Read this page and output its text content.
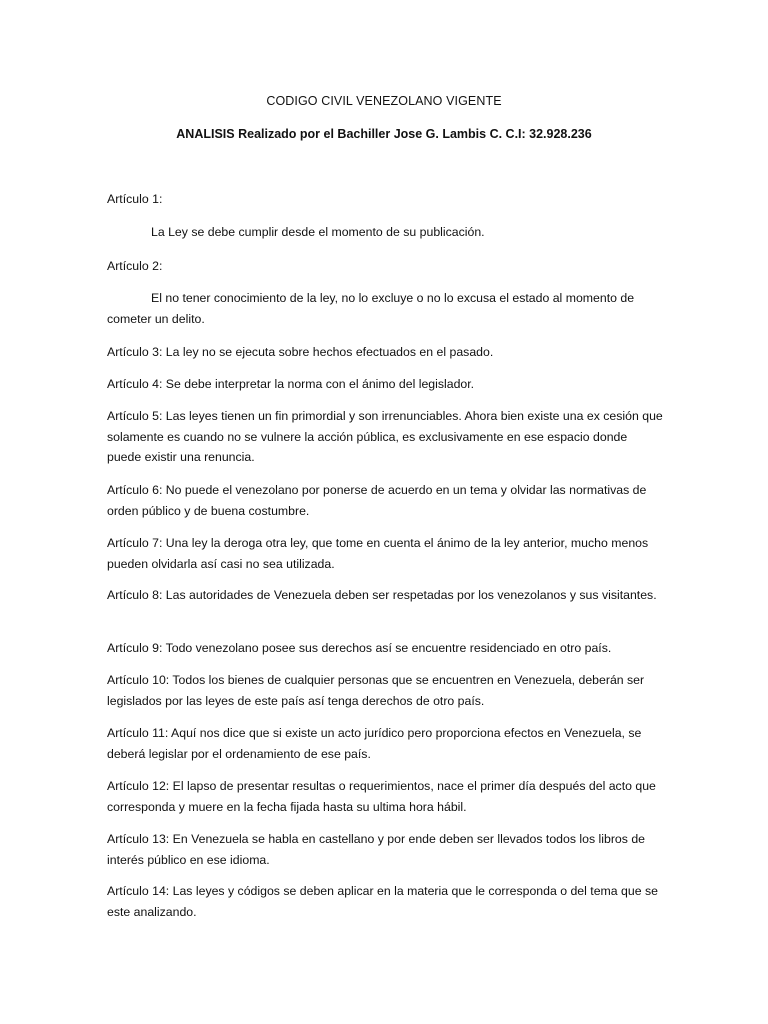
CODIGO CIVIL VENEZOLANO VIGENTE
ANALISIS Realizado por el Bachiller Jose G. Lambis C. C.I: 32.928.236
Artículo 1:
La Ley se debe cumplir desde el momento de su publicación.
Artículo 2:
El no tener conocimiento de la ley, no lo excluye o no lo excusa el estado al momento de cometer un delito.
Artículo 3: La ley no se ejecuta sobre hechos efectuados en el pasado.
Artículo 4: Se debe interpretar la norma con el ánimo del legislador.
Artículo 5: Las leyes tienen un fin primordial y son irrenunciables. Ahora bien existe una ex cesión que solamente es cuando no se vulnere la acción pública, es exclusivamente en ese espacio donde puede existir una renuncia.
Artículo 6: No puede el venezolano por ponerse de acuerdo en un tema y olvidar las normativas de orden público y de buena costumbre.
Artículo 7: Una ley la deroga otra ley, que tome en cuenta el ánimo de la ley anterior, mucho menos pueden olvidarla así casi no sea utilizada.
Artículo 8: Las autoridades de Venezuela deben ser respetadas por los venezolanos y sus visitantes.
Artículo 9: Todo venezolano posee sus derechos así se encuentre residenciado en otro país.
Artículo 10: Todos los bienes de cualquier personas que se encuentren en Venezuela, deberán ser legislados por las leyes de este país así tenga derechos de otro país.
Artículo 11: Aquí nos dice que si existe un acto jurídico pero proporciona efectos en Venezuela, se deberá legislar por el ordenamiento de ese país.
Artículo 12: El lapso de presentar resultas o requerimientos, nace el primer día después del acto que corresponda y muere en la fecha fijada hasta su ultima hora hábil.
Artículo 13: En Venezuela se habla en castellano y por ende deben ser llevados todos los libros de interés público en ese idioma.
Artículo 14: Las leyes y códigos se deben aplicar en la materia que le corresponda o del tema que se este analizando.
